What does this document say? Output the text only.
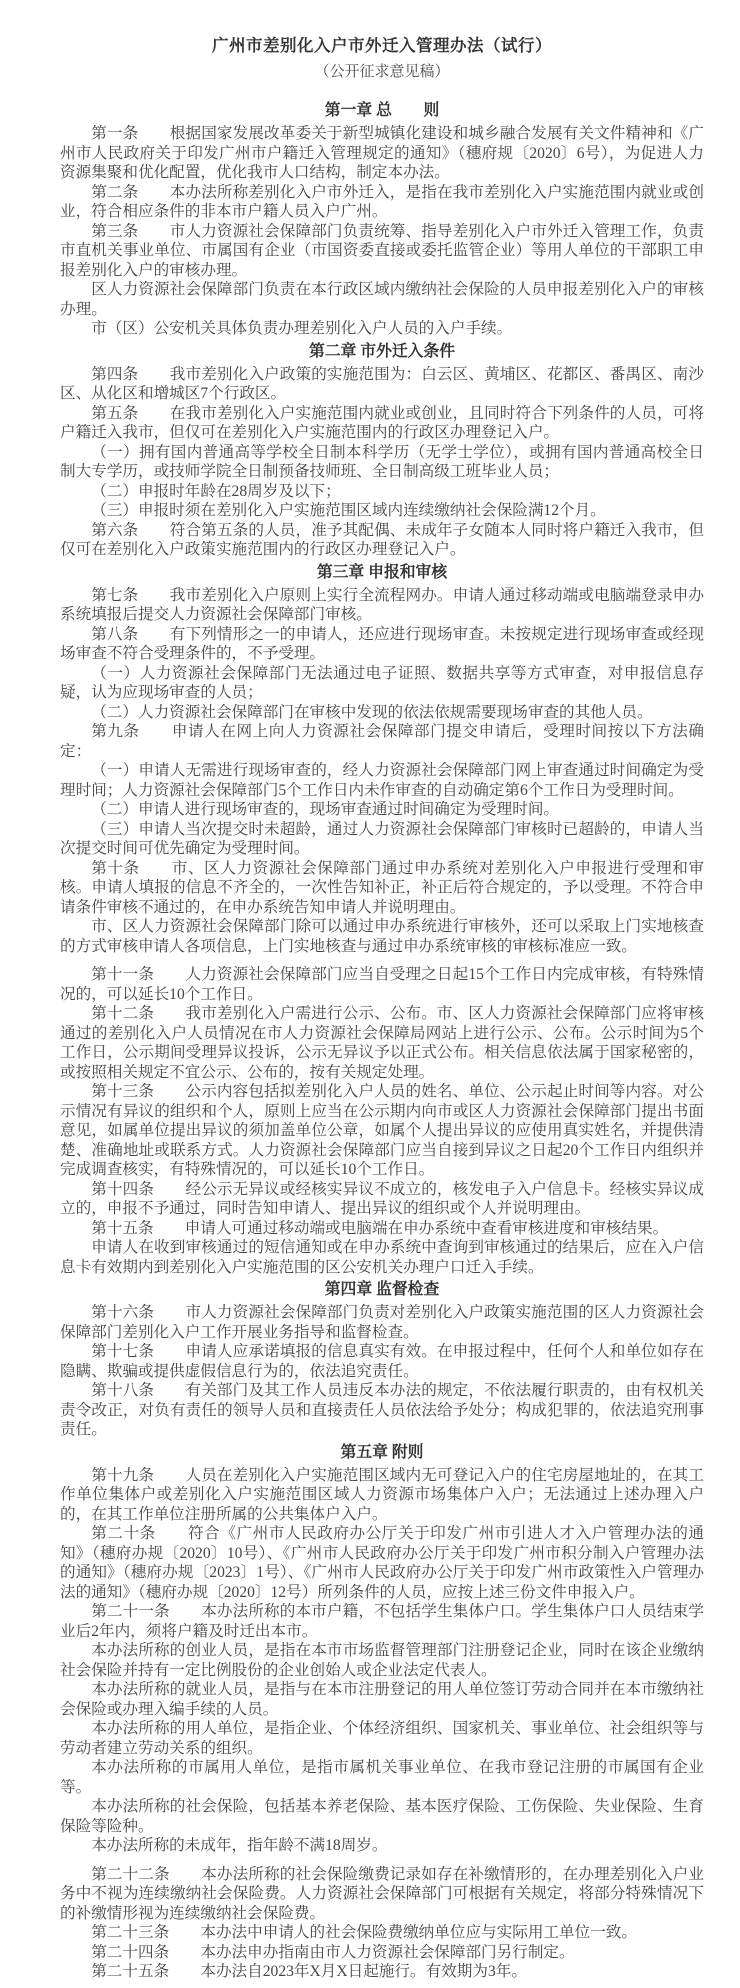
广州市差别化入户市外迁入管理办法（试行）
（公开征求意见稿）
第一章 总　　则

第一条　　根据国家发展改革委关于新型城镇化建设和城乡融合发展有关文件精神和《广州市人民政府关于印发广州市户籍迁入管理规定的通知》（穗府规〔2020〕6号），为促进人力资源集聚和优化配置，优化我市人口结构，制定本办法。

第二条　　本办法所称差别化入户市外迁入，是指在我市差别化入户实施范围内就业或创业，符合相应条件的非本市户籍人员入户广州。

第三条　　市人力资源社会保障部门负责统筹、指导差别化入户市外迁入管理工作，负责市直机关事业单位、市属国有企业（市国资委直接或委托监管企业）等用人单位的干部职工申报差别化入户的审核办理。

区人力资源社会保障部门负责在本行政区域内缴纳社会保险的人员申报差别化入户的审核办理。

市（区）公安机关具体负责办理差别化入户人员的入户手续。

第二章 市外迁入条件

第四条　　我市差别化入户政策的实施范围为：白云区、黄埔区、花都区、番禺区、南沙区、从化区和增城区7个行政区。

第五条　　在我市差别化入户实施范围内就业或创业，且同时符合下列条件的人员，可将户籍迁入我市，但仅可在差别化入户实施范围内的行政区办理登记入户。

（一）拥有国内普通高等学校全日制本科学历（无学士学位），或拥有国内普通高校全日制大专学历，或技师学院全日制预备技师班、全日制高级工班毕业人员；

（二）申报时年龄在28周岁及以下；

（三）申报时须在差别化入户实施范围区域内连续缴纳社会保险满12个月。

第六条　　符合第五条的人员，准予其配偶、未成年子女随本人同时将户籍迁入我市，但仅可在差别化入户政策实施范围内的行政区办理登记入户。

第三章 申报和审核

第七条　　我市差别化入户原则上实行全流程网办。申请人通过移动端或电脑端登录申办系统填报后提交人力资源社会保障部门审核。

第八条　　有下列情形之一的申请人，还应进行现场审查。未按规定进行现场审查或经现场审查不符合受理条件的，不予受理。

（一）人力资源社会保障部门无法通过电子证照、数据共享等方式审查，对申报信息存疑，认为应现场审查的人员；

（二）人力资源社会保障部门在审核中发现的依法依规需要现场审查的其他人员。

第九条　　申请人在网上向人力资源社会保障部门提交申请后，受理时间按以下方法确定：

（一）申请人无需进行现场审查的，经人力资源社会保障部门网上审查通过时间确定为受理时间；人力资源社会保障部门5个工作日内未作审查的自动确定第6个工作日为受理时间。

（二）申请人进行现场审查的，现场审查通过时间确定为受理时间。

（三）申请人当次提交时未超龄，通过人力资源社会保障部门审核时已超龄的，申请人当次提交时间可优先确定为受理时间。

第十条　　市、区人力资源社会保障部门通过申办系统对差别化入户申报进行受理和审核。申请人填报的信息不齐全的，一次性告知补正，补正后符合规定的，予以受理。不符合申请条件审核不通过的，在申办系统告知申请人并说明理由。

市、区人力资源社会保障部门除可以通过申办系统进行审核外，还可以采取上门实地核查的方式审核申请人各项信息，上门实地核查与通过申办系统审核的审核标准应一致。

第十一条　　人力资源社会保障部门应当自受理之日起15个工作日内完成审核，有特殊情况的，可以延长10个工作日。

第十二条　　我市差别化入户需进行公示、公布。市、区人力资源社会保障部门应将审核通过的差别化入户人员情况在市人力资源社会保障局网站上进行公示、公布。公示时间为5个工作日，公示期间受理异议投诉，公示无异议予以正式公布。相关信息依法属于国家秘密的，或按照相关规定不宜公示、公布的，按有关规定处理。

第十三条　　公示内容包括拟差别化入户人员的姓名、单位、公示起止时间等内容。对公示情况有异议的组织和个人，原则上应当在公示期内向市或区人力资源社会保障部门提出书面意见，如属单位提出异议的须加盖单位公章，如属个人提出异议的应使用真实姓名，并提供清楚、准确地址或联系方式。人力资源社会保障部门应当自接到异议之日起20个工作日内组织并完成调查核实，有特殊情况的，可以延长10个工作日。

第十四条　　经公示无异议或经核实异议不成立的，核发电子入户信息卡。经核实异议成立的，申报不予通过，同时告知申请人、提出异议的组织或个人并说明理由。

第十五条　　申请人可通过移动端或电脑端在申办系统中查看审核进度和审核结果。

申请人在收到审核通过的短信通知或在申办系统中查询到审核通过的结果后，应在入户信息卡有效期内到差别化入户实施范围的区公安机关办理户口迁入手续。

第四章 监督检查

第十六条　　市人力资源社会保障部门负责对差别化入户政策实施范围的区人力资源社会保障部门差别化入户工作开展业务指导和监督检查。

第十七条　　申请人应承诺填报的信息真实有效。在申报过程中，任何个人和单位如存在隐瞒、欺骗或提供虚假信息行为的，依法追究责任。

第十八条　　有关部门及其工作人员违反本办法的规定，不依法履行职责的，由有权机关责令改正，对负有责任的领导人员和直接责任人员依法给予处分；构成犯罪的，依法追究刑事责任。

第五章 附则

第十九条　　人员在差别化入户实施范围区域内无可登记入户的住宅房屋地址的，在其工作单位集体户或差别化入户实施范围区域人力资源市场集体户入户；无法通过上述办理入户的，在其工作单位注册所属的公共集体户入户。

第二十条　　符合《广州市人民政府办公厅关于印发广州市引进人才入户管理办法的通知》（穗府办规〔2020〕10号）、《广州市人民政府办公厅关于印发广州市积分制入户管理办法的通知》（穗府办规〔2023〕1号）、《广州市人民政府办公厅关于印发广州市政策性入户管理办法的通知》（穗府办规〔2020〕12号）所列条件的人员，应按上述三份文件申报入户。

第二十一条　　本办法所称的本市户籍，不包括学生集体户口。学生集体户口人员结束学业后2年内，须将户籍及时迁出本市。

本办法所称的创业人员，是指在本市市场监督管理部门注册登记企业，同时在该企业缴纳社会保险并持有一定比例股份的企业创始人或企业法定代表人。

本办法所称的就业人员，是指与在本市注册登记的用人单位签订劳动合同并在本市缴纳社会保险或办理入编手续的人员。

本办法所称的用人单位，是指企业、个体经济组织、国家机关、事业单位、社会组织等与劳动者建立劳动关系的组织。

本办法所称的市属用人单位，是指市属机关事业单位、在我市登记注册的市属国有企业等。

本办法所称的社会保险，包括基本养老保险、基本医疗保险、工伤保险、失业保险、生育保险等险种。

本办法所称的未成年，指年龄不满18周岁。

第二十二条　　本办法所称的社会保险缴费记录如存在补缴情形的，在办理差别化入户业务中不视为连续缴纳社会保险费。人力资源社会保障部门可根据有关规定，将部分特殊情况下的补缴情形视为连续缴纳社会保险费。

第二十三条　　本办法中申请人的社会保险费缴纳单位应与实际用工单位一致。

第二十四条　　本办法申办指南由市人力资源社会保障部门另行制定。

第二十五条　　本办法自2023年X月X日起施行。有效期为3年。
